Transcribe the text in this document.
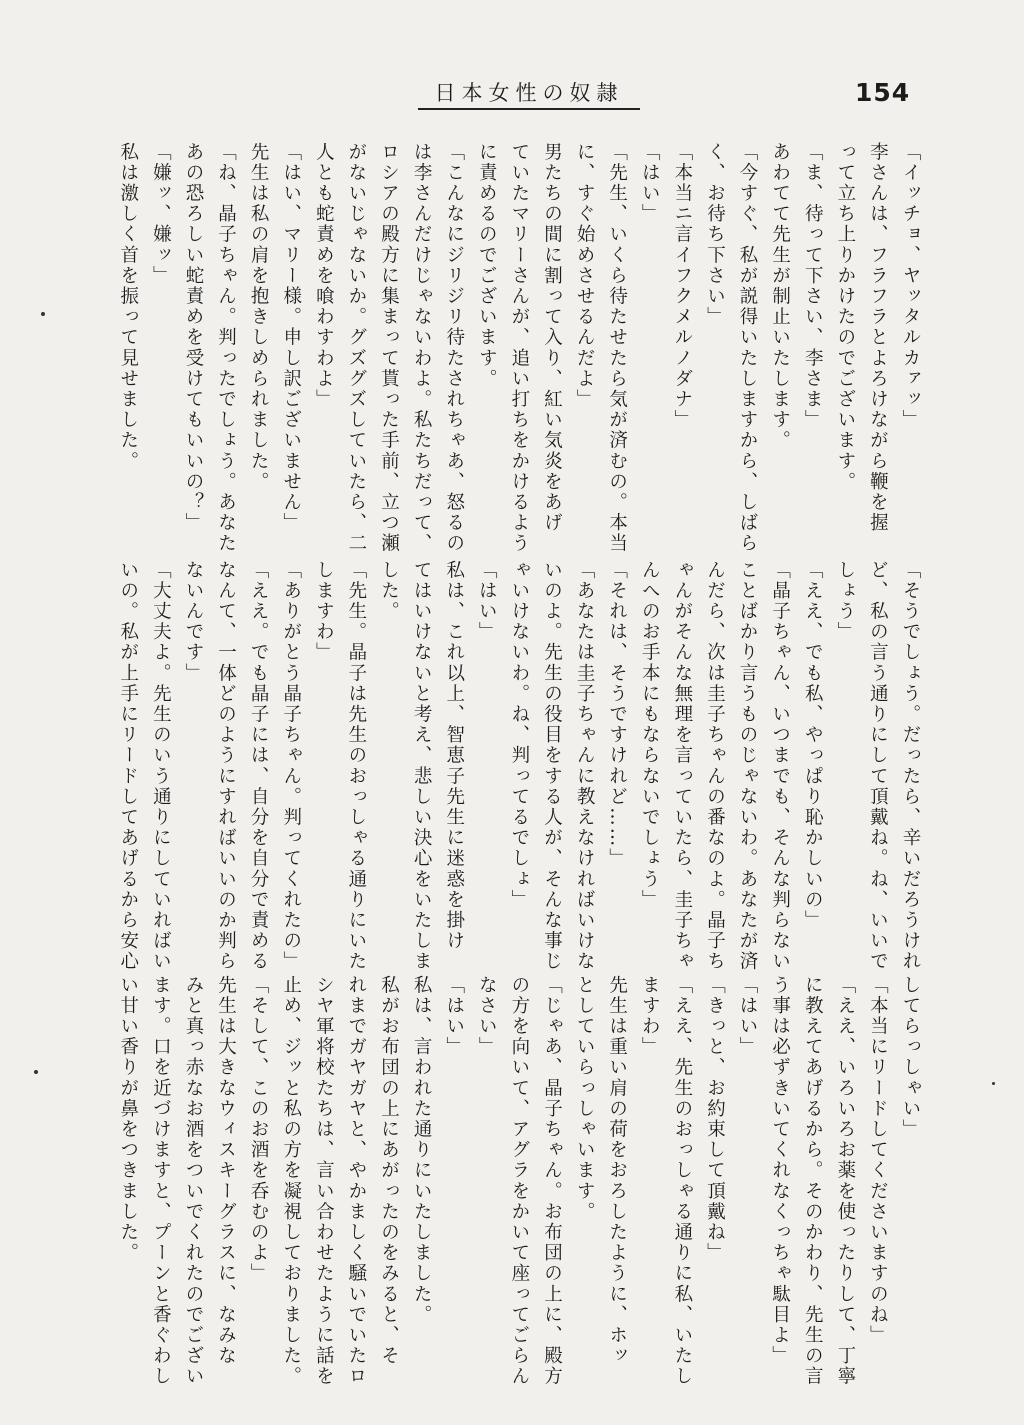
日本女性の奴隷	154
「イッチョ、ヤッタルカァッ」
李さんは、フラフラとよろけながら鞭を握
って立ち上りかけたのでございます。
「ま、待って下さい、李さま」
あわてて先生が制止いたします。
「今すぐ、私が説得いたしますから、しばら
く、お待ち下さい」
「本当ニ言イフクメルノダナ」
「はい」
「先生、いくら待たせたら気が済むの。本当
に、すぐ始めさせるんだよ」
男たちの間に割って入り、紅い気炎をあげ
ていたマリーさんが、追い打ちをかけるよう
に責めるのでございます。
「こんなにジリジリ待たされちゃあ、怒るの
は李さんだけじゃないわよ。私たちだって、
ロシアの殿方に集まって貰った手前、立つ瀬
がないじゃないか。グズグズしていたら、二
人とも蛇責めを喰わすわよ」
「はい、マリー様。申し訳ございません」
先生は私の肩を抱きしめられました。
「ね、晶子ちゃん。判ったでしょう。あなた
あの恐ろしい蛇責めを受けてもいいの？」
「嫌ッ、嫌ッ」
私は激しく首を振って見せました。
「そうでしょう。だったら、辛いだろうけれ
ど、私の言う通りにして頂戴ね。ね、いいで
しょう」
「ええ、でも私、やっぱり恥かしいの」
「晶子ちゃん、いつまでも、そんな判らない
ことばかり言うものじゃないわ。あなたが済
んだら、次は圭子ちゃんの番なのよ。晶子ち
ゃんがそんな無理を言っていたら、圭子ちゃ
んへのお手本にもならないでしょう」
「それは、そうですけれど……」
「あなたは圭子ちゃんに教えなければいけな
いのよ。先生の役目をする人が、そんな事じ
ゃいけないわ。ね、判ってるでしょ」
「はい」
私は、これ以上、智恵子先生に迷惑を掛け
てはいけないと考え、悲しい決心をいたしま
した。
「先生。晶子は先生のおっしゃる通りにいた
しますわ」
「ありがとう晶子ちゃん。判ってくれたの」
「ええ。でも晶子には、自分を自分で責める
なんて、一体どのようにすればいいのか判ら
ないんです」
「大丈夫よ。先生のいう通りにしていればい
いの。私が上手にリードしてあげるから安心
してらっしゃい」
「本当にリードしてくださいますのね」
「ええ、いろいろお薬を使ったりして、丁寧
に教えてあげるから。そのかわり、先生の言
う事は必ずきいてくれなくっちゃ駄目よ」
「はい」
「きっと、お約束して頂戴ね」
「ええ、先生のおっしゃる通りに私、いたし
ますわ」
先生は重い肩の荷をおろしたように、ホッ
としていらっしゃいます。
「じゃあ、晶子ちゃん。お布団の上に、殿方
の方を向いて、アグラをかいて座ってごらん
なさい」
「はい」
私は、言われた通りにいたしました。
私がお布団の上にあがったのをみると、そ
れまでガヤガヤと、やかましく騒いでいたロ
シヤ軍将校たちは、言い合わせたように話を
止め、ジッと私の方を凝視しておりました。
「そして、このお酒を呑むのよ」
先生は大きなウィスキーグラスに、なみな
みと真っ赤なお酒をついでくれたのでござい
ます。口を近づけますと、プーンと香ぐわし
い甘い香りが鼻をつきました。
